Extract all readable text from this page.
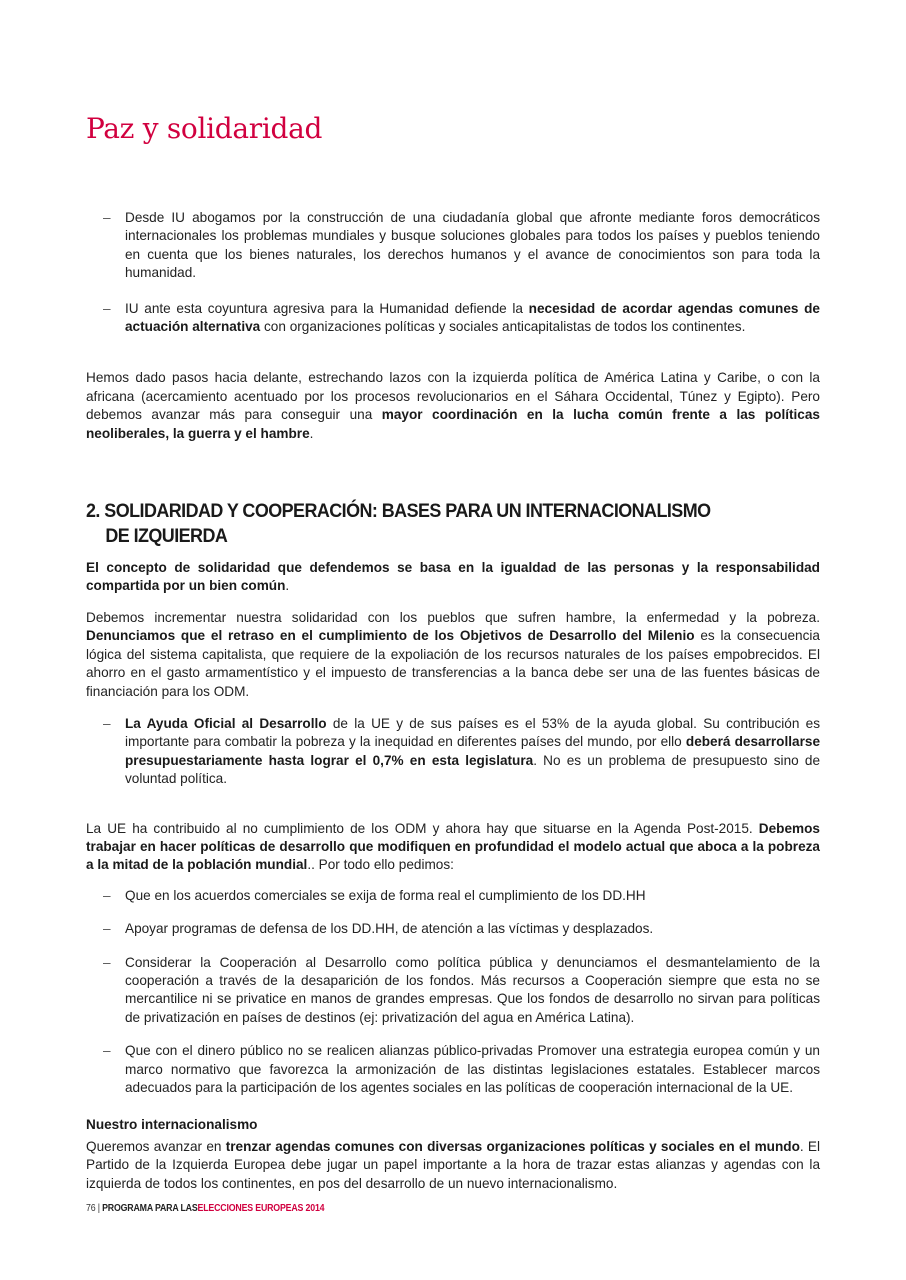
Paz y solidaridad
– Desde IU abogamos por la construcción de una ciudadanía global que afronte mediante foros democráticos internacionales los problemas mundiales y busque soluciones globales para todos los países y pueblos teniendo en cuenta que los bienes naturales, los derechos humanos y el avance de conocimientos son para toda la humanidad.
– IU ante esta coyuntura agresiva para la Humanidad defiende la necesidad de acordar agendas comunes de actuación alternativa con organizaciones políticas y sociales anticapitalistas de todos los continentes.

Hemos dado pasos hacia delante, estrechando lazos con la izquierda política de América Latina y Caribe, o con la africana (acercamiento acentuado por los procesos revolucionarios en el Sáhara Occidental, Túnez y Egipto). Pero debemos avanzar más para conseguir una mayor coordinación en la lucha común frente a las políticas neoliberales, la guerra y el hambre.

2. SOLIDARIDAD Y COOPERACIÓN: BASES PARA UN INTERNACIONALISMO
DE IZQUIERDA

El concepto de solidaridad que defendemos se basa en la igualdad de las personas y la responsabilidad compartida por un bien común.

Debemos incrementar nuestra solidaridad con los pueblos que sufren hambre, la enfermedad y la pobreza. Denunciamos que el retraso en el cumplimiento de los Objetivos de Desarrollo del Milenio es la consecuencia lógica del sistema capitalista, que requiere de la expoliación de los recursos naturales de los países empobrecidos. El ahorro en el gasto armamentístico y el impuesto de transferencias a la banca debe ser una de las fuentes básicas de financiación para los ODM.

– La Ayuda Oficial al Desarrollo de la UE y de sus países es el 53% de la ayuda global. Su contribución es importante para combatir la pobreza y la inequidad en diferentes países del mundo, por ello deberá desarrollarse presupuestariamente hasta lograr el 0,7% en esta legislatura. No es un problema de presupuesto sino de voluntad política.

La UE ha contribuido al no cumplimiento de los ODM y ahora hay que situarse en la Agenda Post-2015. Debemos trabajar en hacer políticas de desarrollo que modifiquen en profundidad el modelo actual que aboca a la pobreza a la mitad de la población mundial.. Por todo ello pedimos:

– Que en los acuerdos comerciales se exija de forma real el cumplimiento de los DD.HH
– Apoyar programas de defensa de los DD.HH, de atención a las víctimas y desplazados.
– Considerar la Cooperación al Desarrollo como política pública y denunciamos el desmantelamiento de la cooperación a través de la desaparición de los fondos. Más recursos a Cooperación siempre que esta no se mercantilice ni se privatice en manos de grandes empresas. Que los fondos de desarrollo no sirvan para políticas de privatización en países de destinos (ej: privatización del agua en América Latina).
– Que con el dinero público no se realicen alianzas público-privadas Promover una estrategia europea común y un marco normativo que favorezca la armonización de las distintas legislaciones estatales. Establecer marcos adecuados para la participación de los agentes sociales en las políticas de cooperación internacional de la UE.

Nuestro internacionalismo

Queremos avanzar en trenzar agendas comunes con diversas organizaciones políticas y sociales en el mundo. El Partido de la Izquierda Europea debe jugar un papel importante a la hora de trazar estas alianzas y agendas con la izquierda de todos los continentes, en pos del desarrollo de un nuevo internacionalismo.

76 | PROGRAMA PARA LASELECCIONES EUROPEAS 2014
